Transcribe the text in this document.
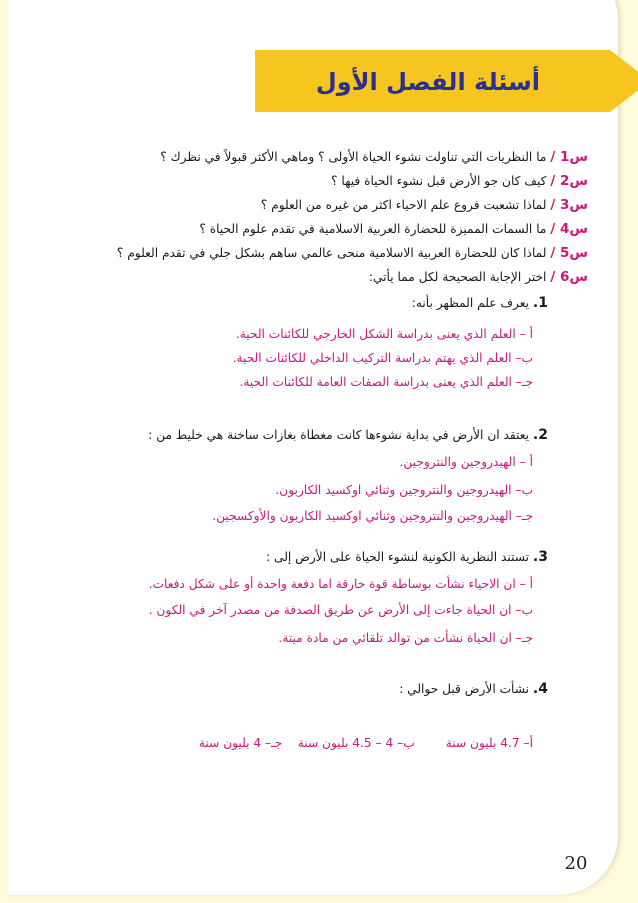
أسئلة الفصل الأول
س1 / ما النظريات التي تناولت نشوء الحياة الأولى ؟ وماهي الأكثر قبولاً في نظرك ؟
س2 / كيف كان جو الأرض قبل نشوء الحياة فيها ؟
س3 / لماذا تشعبت فروع علم الاحياء اكثر من غيره من العلوم ؟
س4 / ما السمات المميزة للحضارة العربية الاسلامية في تقدم علوم الحياة ؟
س5 / لماذا كان للحضارة العربية الاسلامية منحى عالمي ساهم بشكل جلي في تقدم العلوم ؟
س6 / اختر الإجابة الصحيحة لكل مما يأتي:
1. يعرف علم المظهر بأنه:
أ – العلم الذي يعنى بدراسة الشكل الخارجي للكائنات الحية.
ب– العلم الذي يهتم بدراسة التركيب الداخلي للكائنات الحية.
جـ– العلم الذي يعنى بدراسة الصفات العامة للكائنات الحية.
2. يعتقد ان الأرض في بداية نشوءها كانت مغطاة بغازات ساخنة هي خليط من :
أ – الهيدروجين والنتروجين.
ب– الهيدروجين والنتروجين وثنائي اوكسيد الكاربون.
جـ– الهيدروجين والنتروجين وثنائي اوكسيد الكاربون والأوكسجين.
3. تستند النظرية الكونية لنشوء الحياة على الأرض إلى :
أ – ان الاحياء نشأت بوساطة قوة خارقة اما دفعة واحدة أو على شكل دفعات.
ب– ان الحياة جاءت إلى الأرض عن طريق الصدفة من مصدر آخر في الكون .
جـ– ان الحياة نشأت من توالد تلقائي من مادة ميتة.
4. نشأت الأرض قبل حوالي :
أ– 4.7 بليون سنة        ب– 4 – 4.5 بليون سنة    جـ– 4 بليون سنة
20
